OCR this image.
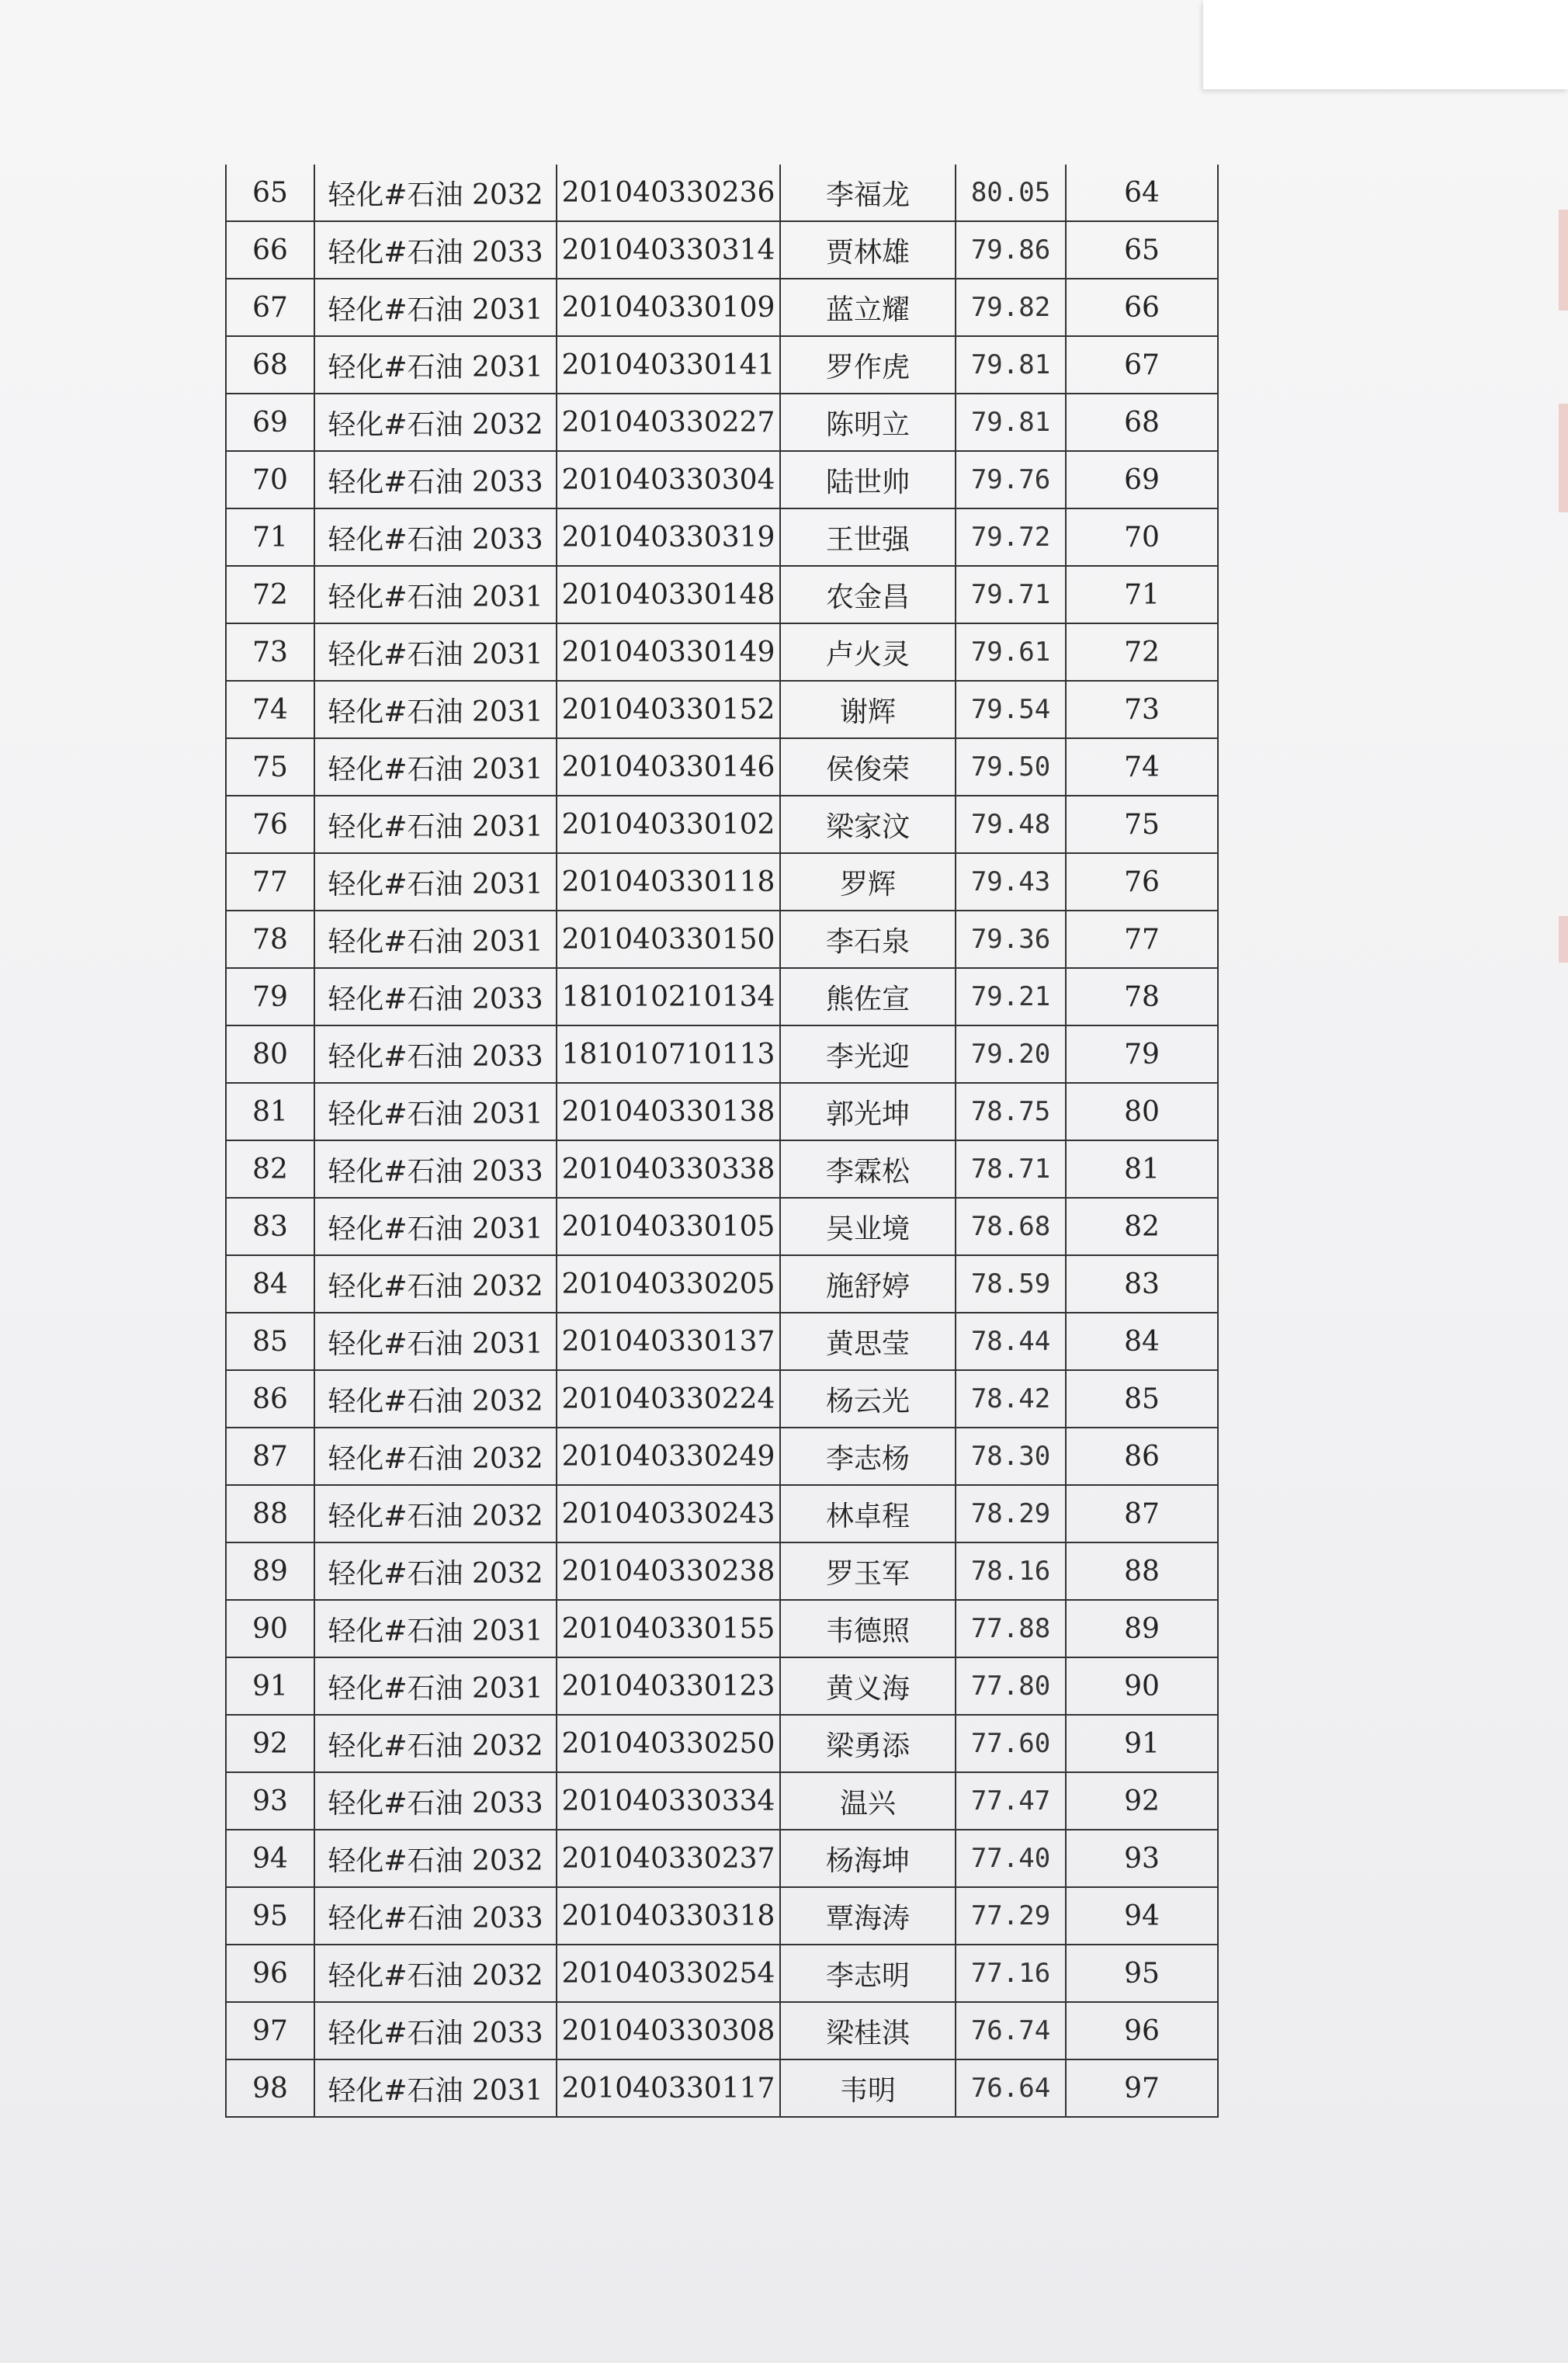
65	轻化#石油 2032	201040330236	李福龙	80.05	64
66	轻化#石油 2033	201040330314	贾林雄	79.86	65
67	轻化#石油 2031	201040330109	蓝立耀	79.82	66
68	轻化#石油 2031	201040330141	罗作虎	79.81	67
69	轻化#石油 2032	201040330227	陈明立	79.81	68
70	轻化#石油 2033	201040330304	陆世帅	79.76	69
71	轻化#石油 2033	201040330319	王世强	79.72	70
72	轻化#石油 2031	201040330148	农金昌	79.71	71
73	轻化#石油 2031	201040330149	卢火灵	79.61	72
74	轻化#石油 2031	201040330152	谢辉	79.54	73
75	轻化#石油 2031	201040330146	侯俊荣	79.50	74
76	轻化#石油 2031	201040330102	梁家汶	79.48	75
77	轻化#石油 2031	201040330118	罗辉	79.43	76
78	轻化#石油 2031	201040330150	李石泉	79.36	77
79	轻化#石油 2033	181010210134	熊佐宣	79.21	78
80	轻化#石油 2033	181010710113	李光迎	79.20	79
81	轻化#石油 2031	201040330138	郭光坤	78.75	80
82	轻化#石油 2033	201040330338	李霖松	78.71	81
83	轻化#石油 2031	201040330105	吴业境	78.68	82
84	轻化#石油 2032	201040330205	施舒婷	78.59	83
85	轻化#石油 2031	201040330137	黄思莹	78.44	84
86	轻化#石油 2032	201040330224	杨云光	78.42	85
87	轻化#石油 2032	201040330249	李志杨	78.30	86
88	轻化#石油 2032	201040330243	林卓程	78.29	87
89	轻化#石油 2032	201040330238	罗玉军	78.16	88
90	轻化#石油 2031	201040330155	韦德照	77.88	89
91	轻化#石油 2031	201040330123	黄义海	77.80	90
92	轻化#石油 2032	201040330250	梁勇添	77.60	91
93	轻化#石油 2033	201040330334	温兴	77.47	92
94	轻化#石油 2032	201040330237	杨海坤	77.40	93
95	轻化#石油 2033	201040330318	覃海涛	77.29	94
96	轻化#石油 2032	201040330254	李志明	77.16	95
97	轻化#石油 2033	201040330308	梁桂淇	76.74	96
98	轻化#石油 2031	201040330117	韦明	76.64	97
